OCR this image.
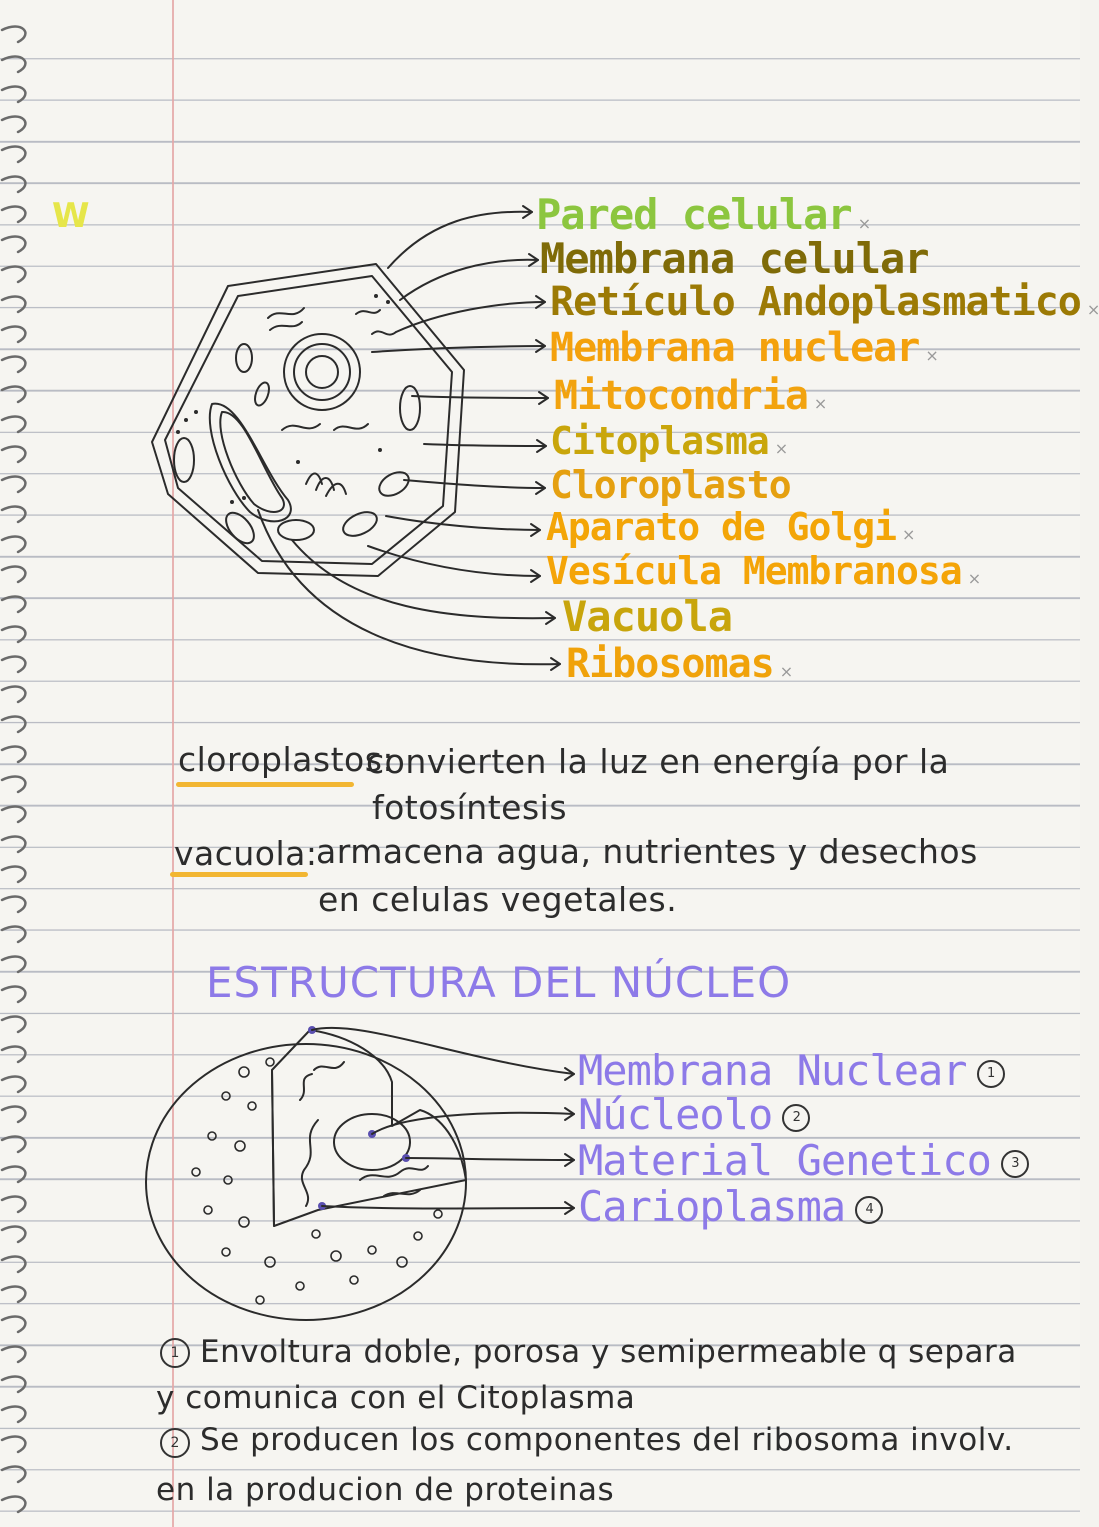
W	Pared celular ×
Membrana celular
Retículo Andoplasmatico ×
Membrana nuclear ×
Mitocondria ×
Citoplasma ×
Cloroplasto
Aparato de Golgi ×
Vesícula Membranosa ×
Vacuola
Ribosomas ×
cloroplastos:
convierten la luz en energía por la
fotosíntesis
vacuola:
armacena agua, nutrientes y desechos
en celulas vegetales.
ESTRUCTURA DEL NÚCLEO
Membrana Nuclear 1
Núcleolo 2
Material Genetico 3
Carioplasma 4
1 Envoltura doble, porosa y semipermeable q separa
y comunica con el Citoplasma
2 Se producen los componentes del ribosoma involv.
en la producion de proteinas
